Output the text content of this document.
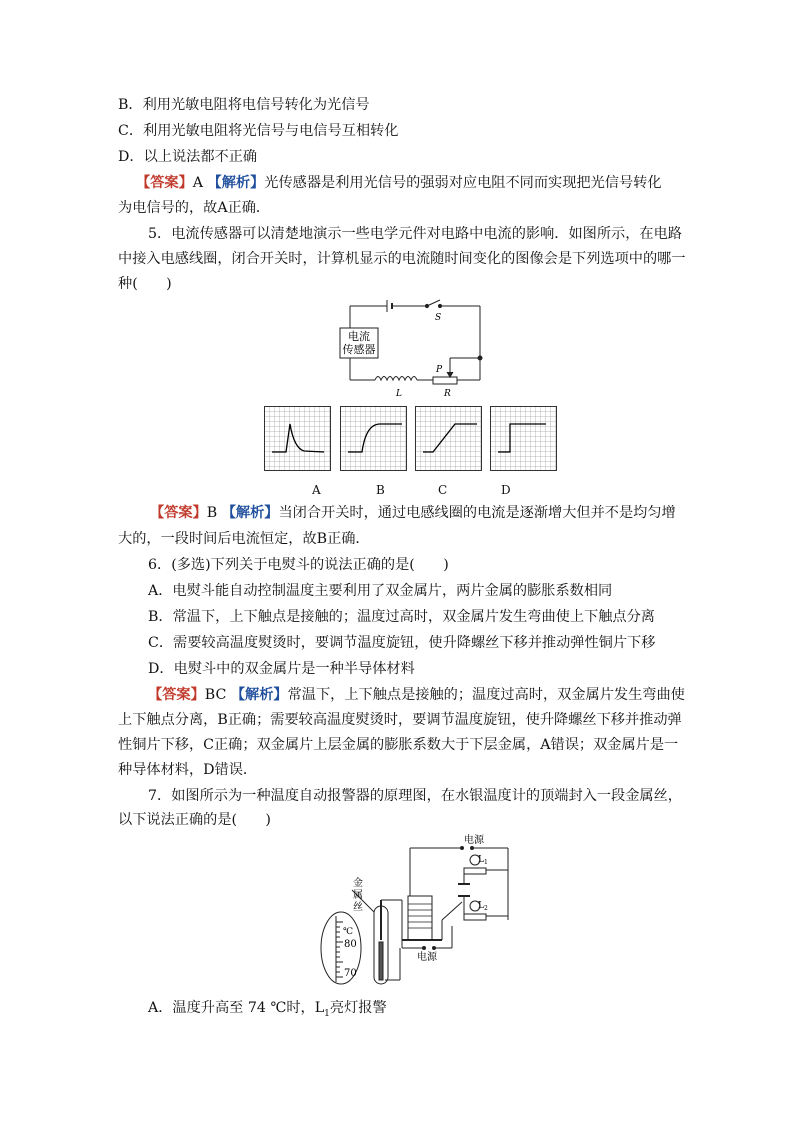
B．利用光敏电阻将电信号转化为光信号
C．利用光敏电阻将光信号与电信号互相转化
D．以上说法都不正确
【答案】A 【解析】光传感器是利用光信号的强弱对应电阻不同而实现把光信号转化
为电信号的，故A正确．
5．电流传感器可以清楚地演示一些电学元件对电路中电流的影响．如图所示，在电路
中接入电感线圈，闭合开关时，计算机显示的电流随时间变化的图像会是下列选项中的哪一
种(　　)
电流
传感器
S
L
P
R
A	B	C	D
【答案】B 【解析】当闭合开关时，通过电感线圈的电流是逐渐增大但并不是均匀增
大的，一段时间后电流恒定，故B正确．
6．(多选)下列关于电熨斗的说法正确的是(　　)
A．电熨斗能自动控制温度主要利用了双金属片，两片金属的膨胀系数相同
B．常温下，上下触点是接触的；温度过高时，双金属片发生弯曲使上下触点分离
C．需要较高温度熨烫时，要调节温度旋钮，使升降螺丝下移并推动弹性铜片下移
D．电熨斗中的双金属片是一种半导体材料
【答案】BC 【解析】常温下，上下触点是接触的；温度过高时，双金属片发生弯曲使
上下触点分离，B正确；需要较高温度熨烫时，要调节温度旋钮，使升降螺丝下移并推动弹
性铜片下移，C正确；双金属片上层金属的膨胀系数大于下层金属，A错误；双金属片是一
种导体材料，D错误．
7．如图所示为一种温度自动报警器的原理图，在水银温度计的顶端封入一段金属丝，
以下说法正确的是(　　)
金
属
丝
℃
80
70
电源
电源
$L_1$
$L_2$
A．温度升高至 74 ℃时，$L_1$亮灯报警
